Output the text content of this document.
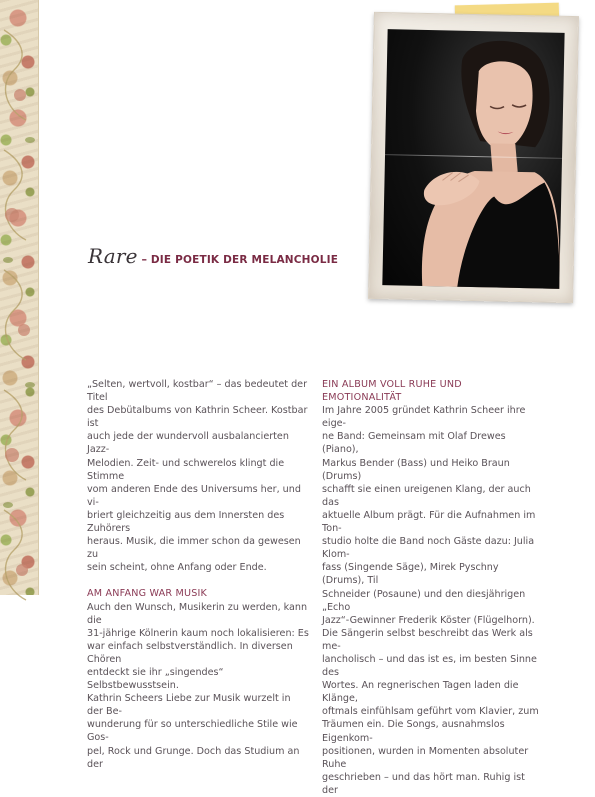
Rare – DIE POETIK DER MELANCHOLIE

„Selten, wertvoll, kostbar“ – das bedeutet der Titel

des Debütalbums von Kathrin Scheer. Kostbar ist

auch jede der wundervoll ausbalancierten Jazz-

Melodien. Zeit- und schwerelos klingt die Stimme

vom anderen Ende des Universums her, und vi-

briert gleichzeitig aus dem Innersten des Zuhörers

heraus. Musik, die immer schon da gewesen zu

sein scheint, ohne Anfang oder Ende.

AM ANFANG WAR MUSIK

Auch den Wunsch, Musikerin zu werden, kann die

31-jährige Kölnerin kaum noch lokalisieren: Es

war einfach selbstverständlich. In diversen Chören

entdeckt sie ihr „singendes“ Selbstbewusstsein.

Kathrin Scheers Liebe zur Musik wurzelt in der Be-

wunderung für so unterschiedliche Stile wie Gos-

pel, Rock und Grunge. Doch das Studium an der

EIN ALBUM VOLL RUHE UND EMOTIONALITÄT

Im Jahre 2005 gründet Kathrin Scheer ihre eige-

ne Band: Gemeinsam mit Olaf Drewes (Piano),

Markus Bender (Bass) und Heiko Braun (Drums)

schafft sie einen ureigenen Klang, der auch das

aktuelle Album prägt. Für die Aufnahmen im Ton-

studio holte die Band noch Gäste dazu: Julia Klom-

fass (Singende Säge), Mirek Pyschny (Drums), Til

Schneider (Posaune) und den diesjährigen „Echo

Jazz“-Gewinner Frederik Köster (Flügelhorn).

Die Sängerin selbst beschreibt das Werk als me-

lancholisch – und das ist es, im besten Sinne des

Wortes. An regnerischen Tagen laden die Klänge,

oftmals einfühlsam geführt vom Klavier, zum

Träumen ein. Die Songs, ausnahmslos Eigenkom-

positionen, wurden in Momenten absoluter Ruhe

geschrieben – und das hört man. Ruhig ist der
